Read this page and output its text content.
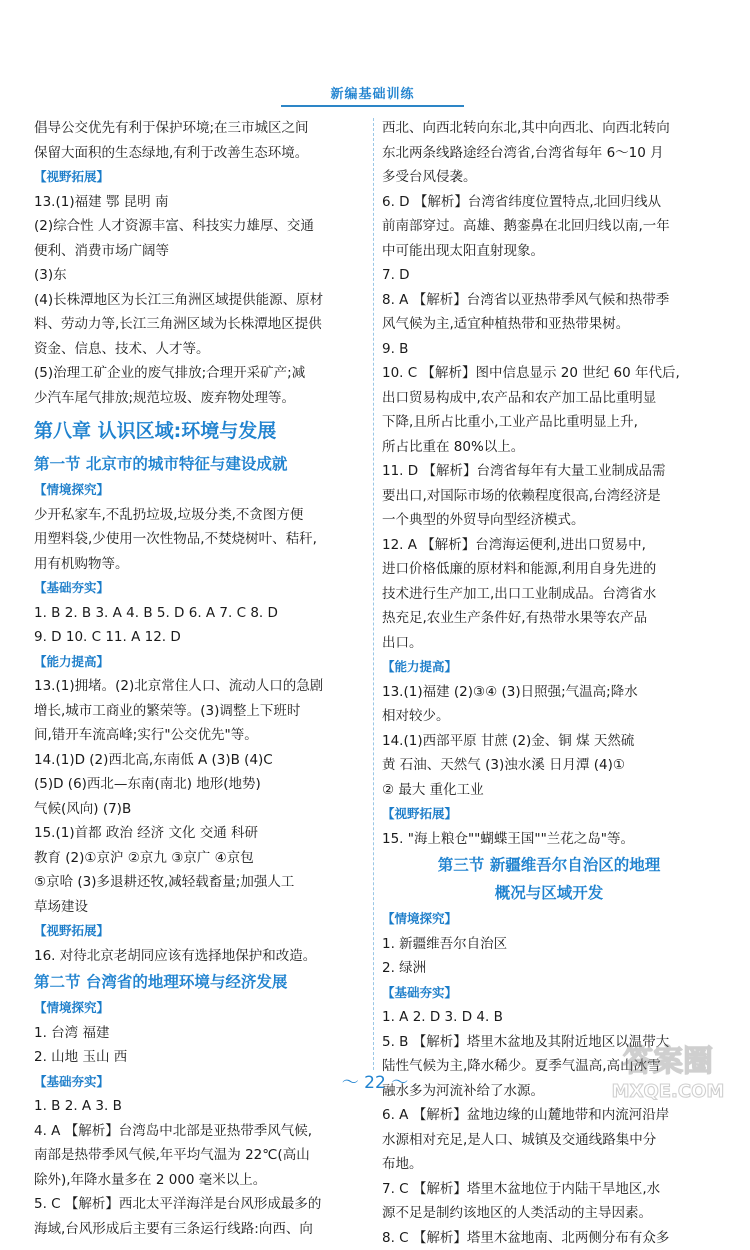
新编基础训练

倡导公交优先有利于保护环境;在三市城区之间

保留大面积的生态绿地,有利于改善生态环境。

【视野拓展】

13.(1)福建 鄂 昆明 南

(2)综合性 人才资源丰富、科技实力雄厚、交通

便利、消费市场广阔等

(3)东

(4)长株潭地区为长江三角洲区域提供能源、原材

料、劳动力等,长江三角洲区域为长株潭地区提供

资金、信息、技术、人才等。

(5)治理工矿企业的废气排放;合理开采矿产;减

少汽车尾气排放;规范垃圾、废弃物处理等。

第八章 认识区域:环境与发展
第一节 北京市的城市特征与建设成就
【情境探究】

少开私家车,不乱扔垃圾,垃圾分类,不贪图方便

用塑料袋,少使用一次性物品,不焚烧树叶、秸秆,

用有机购物等。

【基础夯实】

1. B 2. B 3. A 4. B 5. D 6. A 7. C 8. D

9. D 10. C 11. A 12. D

【能力提高】

13.(1)拥堵。(2)北京常住人口、流动人口的急剧

增长,城市工商业的繁荣等。(3)调整上下班时

间,错开车流高峰;实行"公交优先"等。

14.(1)D (2)西北高,东南低 A (3)B (4)C

(5)D (6)西北—东南(南北) 地形(地势)

气候(风向) (7)B

15.(1)首都 政治 经济 文化 交通 科研

教育 (2)①京沪 ②京九 ③京广 ④京包

⑤京哈 (3)多退耕还牧,减轻载畜量;加强人工

草场建设

【视野拓展】

16. 对待北京老胡同应该有选择地保护和改造。

第二节 台湾省的地理环境与经济发展
【情境探究】

1. 台湾 福建

2. 山地 玉山 西

【基础夯实】

1. B 2. A 3. B

4. A 【解析】台湾岛中北部是亚热带季风气候,

南部是热带季风气候,年平均气温为 22℃(高山

除外),年降水量多在 2 000 毫米以上。

5. C 【解析】西北太平洋海洋是台风形成最多的

海域,台风形成后主要有三条运行线路:向西、向

西北、向西北转向东北,其中向西北、向西北转向

东北两条线路途经台湾省,台湾省每年 6～10 月

多受台风侵袭。

6. D 【解析】台湾省纬度位置特点,北回归线从

前南部穿过。高雄、鹅銮鼻在北回归线以南,一年

中可能出现太阳直射现象。

7. D

8. A 【解析】台湾省以亚热带季风气候和热带季

风气候为主,适宜种植热带和亚热带果树。

9. B

10. C 【解析】图中信息显示 20 世纪 60 年代后,

出口贸易构成中,农产品和农产加工品比重明显

下降,且所占比重小,工业产品比重明显上升,

所占比重在 80%以上。

11. D 【解析】台湾省每年有大量工业制成品需

要出口,对国际市场的依赖程度很高,台湾经济是

一个典型的外贸导向型经济模式。

12. A 【解析】台湾海运便利,进出口贸易中,

进口价格低廉的原材料和能源,利用自身先进的

技术进行生产加工,出口工业制成品。台湾省水

热充足,农业生产条件好,有热带水果等农产品

出口。

【能力提高】

13.(1)福建 (2)③④ (3)日照强;气温高;降水

相对较少。

14.(1)西部平原 甘蔗 (2)金、铜 煤 天然硫

黄 石油、天然气 (3)浊水溪 日月潭 (4)①

② 最大 重化工业

【视野拓展】

15. "海上粮仓""蝴蝶王国""兰花之岛"等。

第三节 新疆维吾尔自治区的地理
概况与区域开发
【情境探究】

1. 新疆维吾尔自治区

2. 绿洲

【基础夯实】

1. A 2. D 3. D 4. B

5. B 【解析】塔里木盆地及其附近地区以温带大

陆性气候为主,降水稀少。夏季气温高,高山冰雪

融水多为河流补给了水源。

6. A 【解析】盆地边缘的山麓地带和内流河沿岸

水源相对充足,是人口、城镇及交通线路集中分

布地。

7. C 【解析】塔里木盆地位于内陆干旱地区,水

源不足是制约该地区的人类活动的主导因素。

8. C 【解析】塔里木盆地南、北两侧分布有众多

～ 22 ～
答案圈
MXQE.COM
